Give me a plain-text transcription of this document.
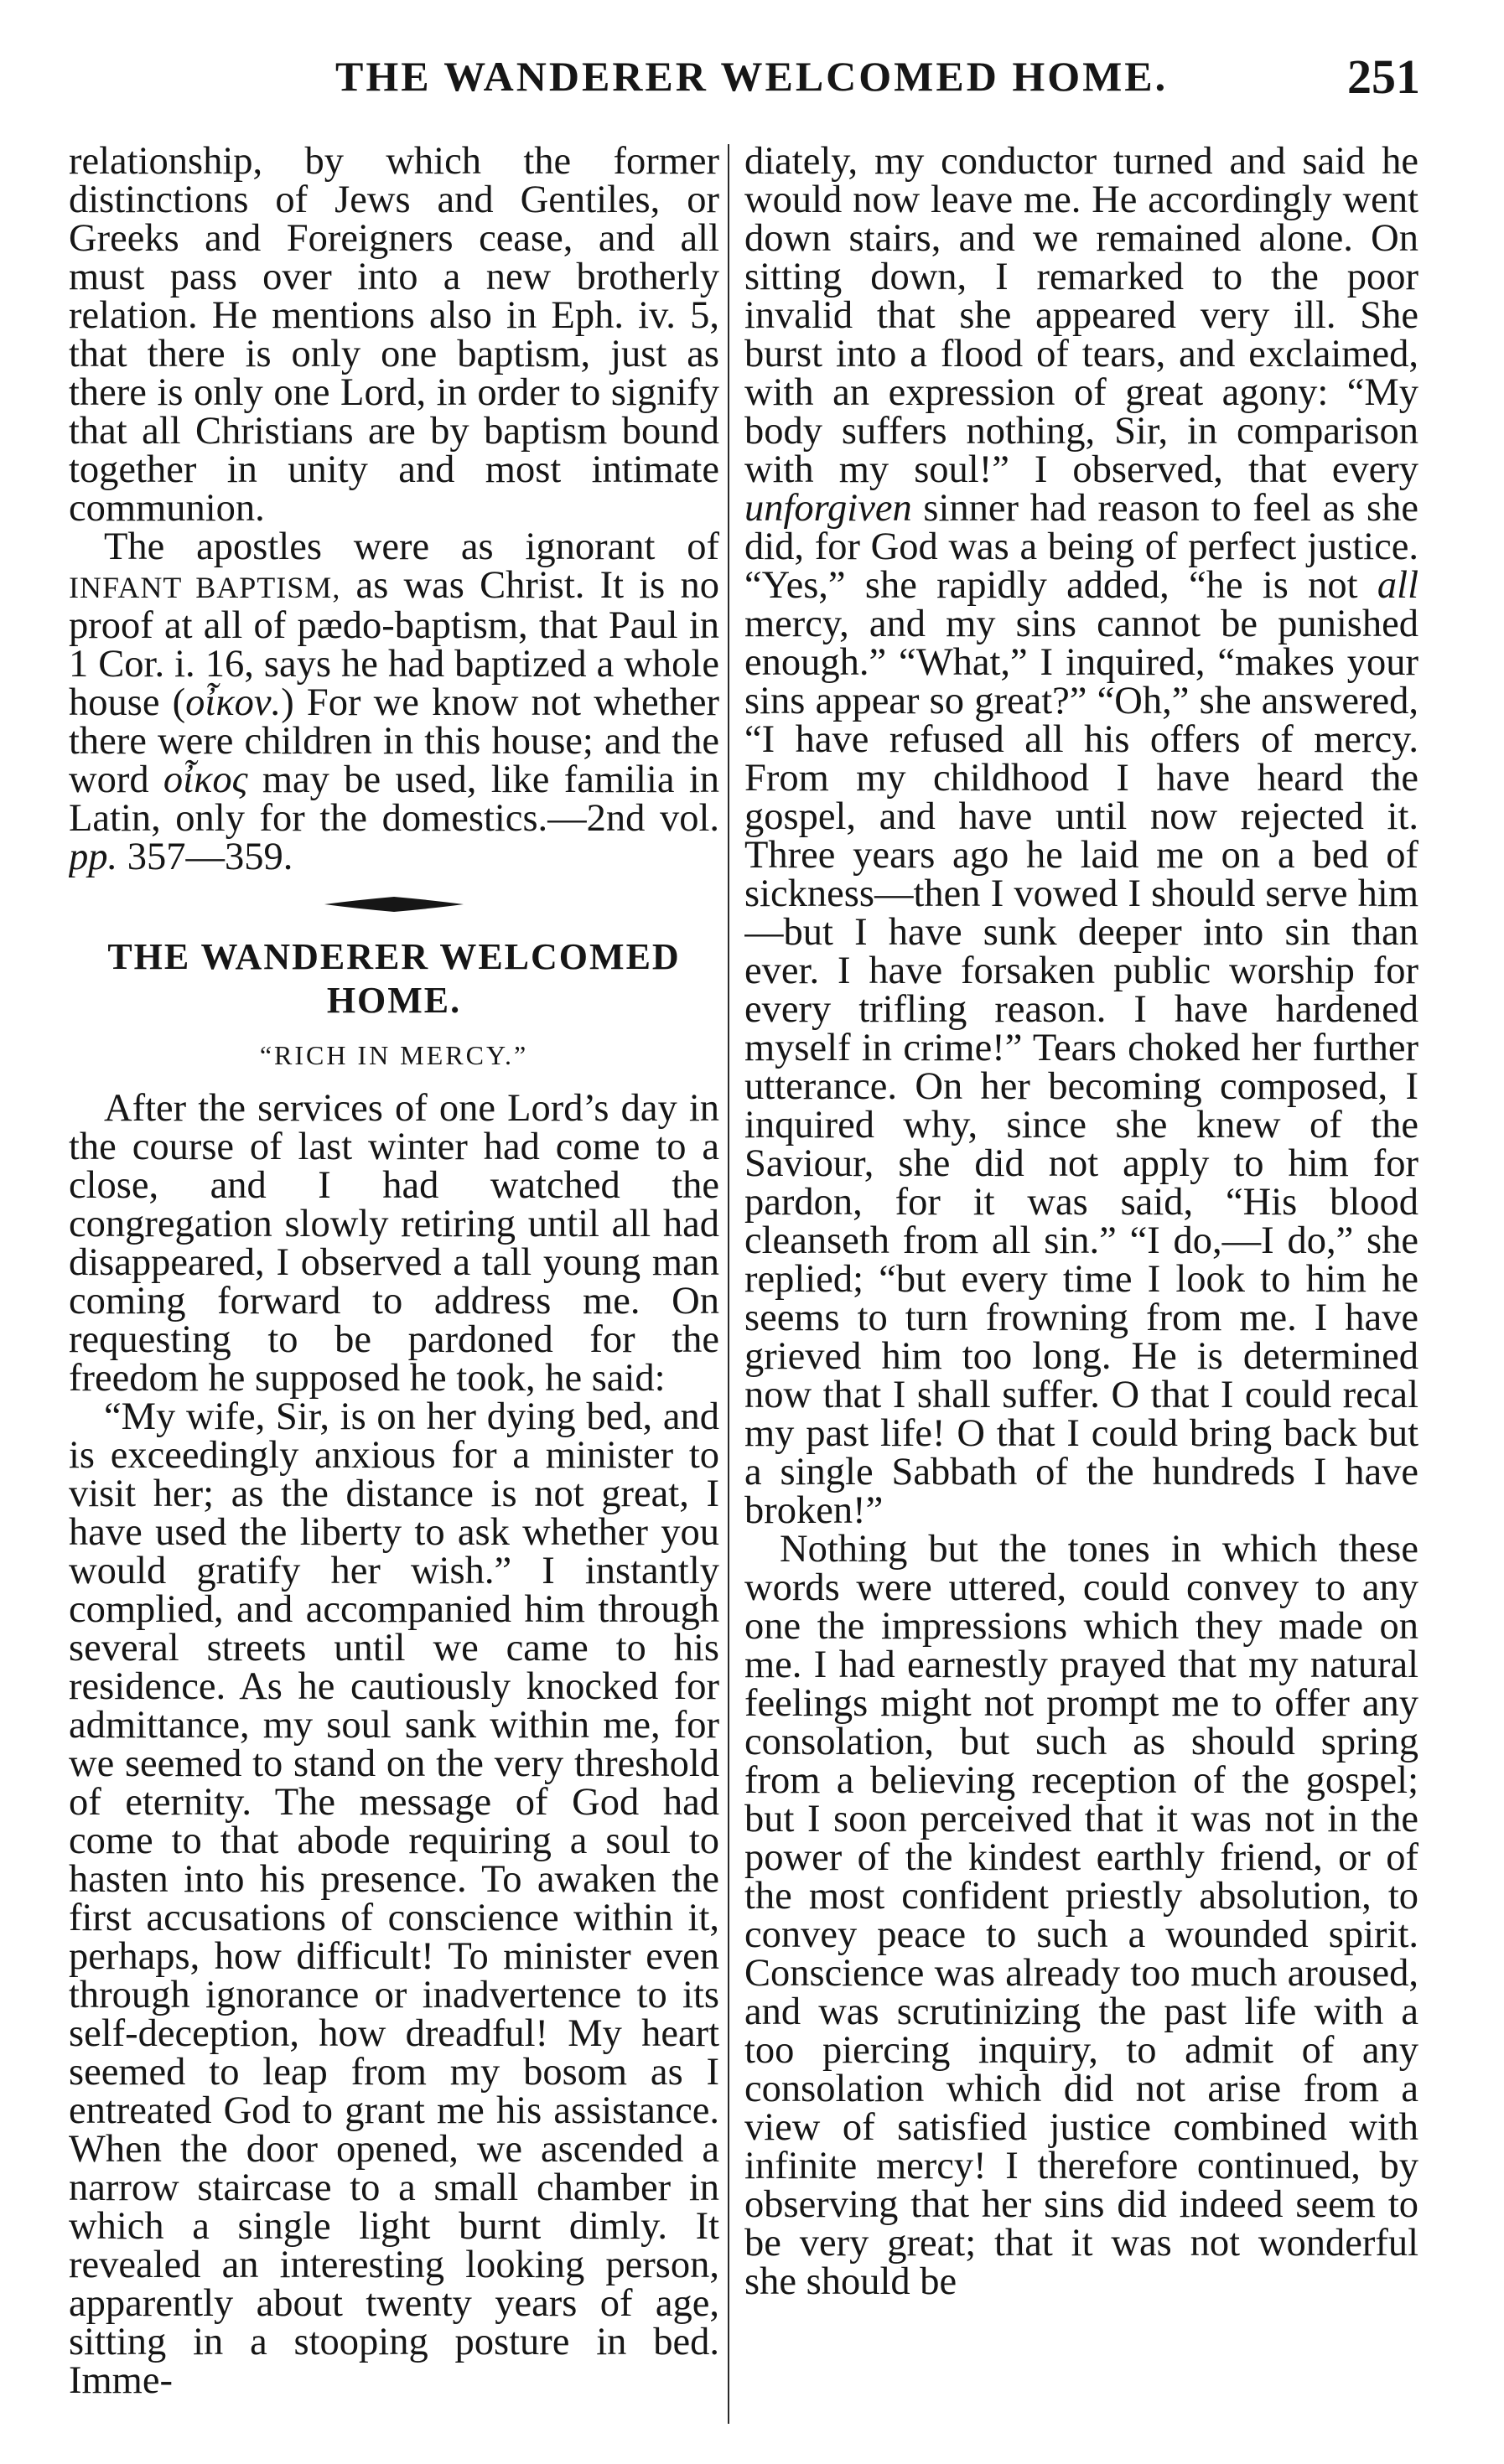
THE WANDERER WELCOMED HOME.	251

relationship, by which the former distinctions of Jews and Gentiles, or Greeks and Foreigners cease, and all must pass over into a new brotherly relation. He mentions also in Eph. iv. 5, that there is only one baptism, just as there is only one Lord, in order to signify that all Christians are by baptism bound together in unity and most intimate communion.

The apostles were as ignorant of INFANT BAPTISM, as was Christ. It is no proof at all of pædo-baptism, that Paul in 1 Cor. i. 16, says he had baptized a whole house (οἶκον.) For we know not whether there were children in this house; and the word οἶκος may be used, like familia in Latin, only for the domestics.—2nd vol. pp. 357—359.

THE WANDERER WELCOMED HOME.
“RICH IN MERCY.”

After the services of one Lord’s day in the course of last winter had come to a close, and I had watched the congregation slowly retiring until all had disappeared, I observed a tall young man coming forward to address me. On requesting to be pardoned for the freedom he supposed he took, he said:

“My wife, Sir, is on her dying bed, and is exceedingly anxious for a minister to visit her; as the distance is not great, I have used the liberty to ask whether you would gratify her wish.” I instantly complied, and accompanied him through several streets until we came to his residence. As he cautiously knocked for admittance, my soul sank within me, for we seemed to stand on the very threshold of eternity. The message of God had come to that abode requiring a soul to hasten into his presence. To awaken the first accusations of conscience within it, perhaps, how difficult! To minister even through ignorance or inadvertence to its self-deception, how dreadful! My heart seemed to leap from my bosom as I entreated God to grant me his assistance. When the door opened, we ascended a narrow staircase to a small chamber in which a single light burnt dimly. It revealed an interesting looking person, apparently about twenty years of age, sitting in a stooping posture in bed. Imme-

diately, my conductor turned and said he would now leave me. He accordingly went down stairs, and we remained alone. On sitting down, I remarked to the poor invalid that she appeared very ill. She burst into a flood of tears, and exclaimed, with an expression of great agony: “My body suffers nothing, Sir, in comparison with my soul!” I observed, that every unforgiven sinner had reason to feel as she did, for God was a being of perfect justice. “Yes,” she rapidly added, “he is not all mercy, and my sins cannot be punished enough.” “What,” I inquired, “makes your sins appear so great?” “Oh,” she answered, “I have refused all his offers of mercy. From my childhood I have heard the gospel, and have until now rejected it. Three years ago he laid me on a bed of sickness—then I vowed I should serve him—but I have sunk deeper into sin than ever. I have forsaken public worship for every trifling reason. I have hardened myself in crime!” Tears choked her further utterance. On her becoming composed, I inquired why, since she knew of the Saviour, she did not apply to him for pardon, for it was said, “His blood cleanseth from all sin.” “I do,—I do,” she replied; “but every time I look to him he seems to turn frowning from me. I have grieved him too long. He is determined now that I shall suffer. O that I could recal my past life! O that I could bring back but a single Sabbath of the hundreds I have broken!”

Nothing but the tones in which these words were uttered, could convey to any one the impressions which they made on me. I had earnestly prayed that my natural feelings might not prompt me to offer any consolation, but such as should spring from a believing reception of the gospel; but I soon perceived that it was not in the power of the kindest earthly friend, or of the most confident priestly absolution, to convey peace to such a wounded spirit. Conscience was already too much aroused, and was scrutinizing the past life with a too piercing inquiry, to admit of any consolation which did not arise from a view of satisfied justice combined with infinite mercy! I therefore continued, by observing that her sins did indeed seem to be very great; that it was not wonderful she should be
